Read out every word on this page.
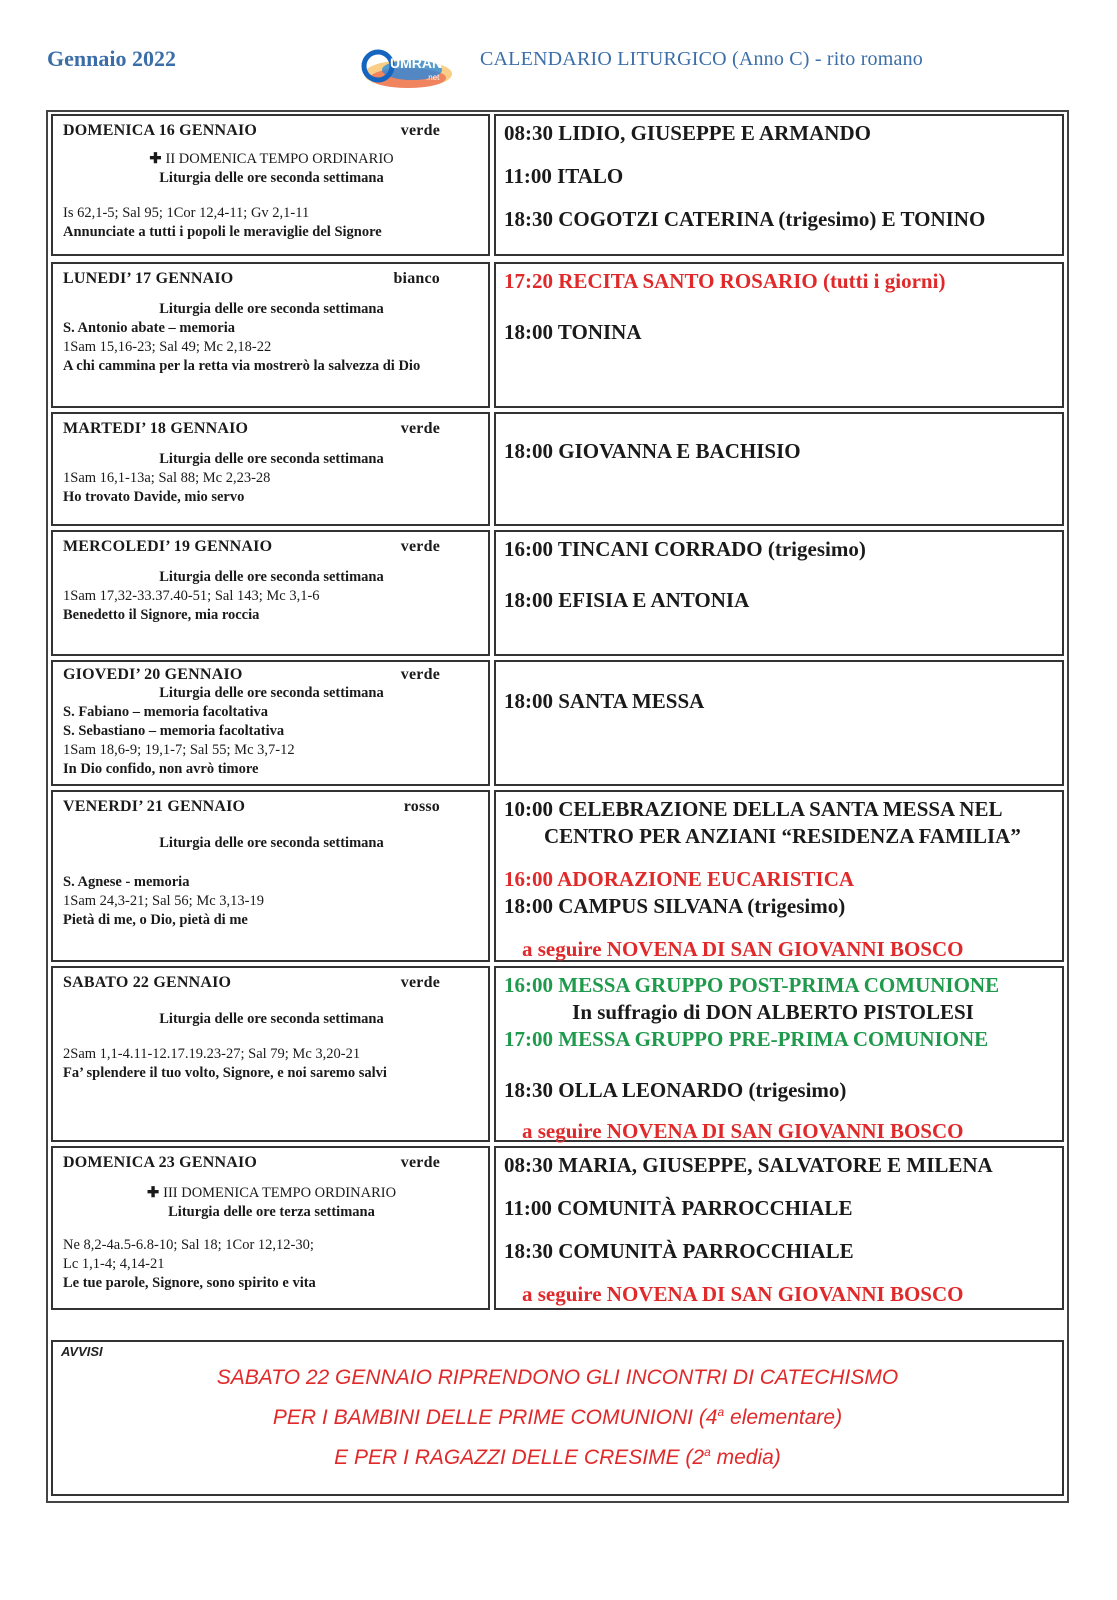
Gennaio 2022	UMRAN
.net
CALENDARIO LITURGICO (Anno C) - rito romano
DOMENICA 16 GENNAIO	verde
✚ II DOMENICA TEMPO ORDINARIO
Liturgia delle ore seconda settimana
Is 62,1-5; Sal 95; 1Cor 12,4-11; Gv 2,1-11
Annunciate a tutti i popoli le meraviglie del Signore

08:30 LIDIO, GIUSEPPE E ARMANDO

11:00 ITALO

18:30 COGOTZI CATERINA (trigesimo) E TONINO

LUNEDI’ 17 GENNAIO	bianco
Liturgia delle ore seconda settimana
S. Antonio abate – memoria
1Sam 15,16-23; Sal 49; Mc 2,18-22
A chi cammina per la retta via mostrerò la salvezza di Dio

17:20 RECITA SANTO ROSARIO (tutti i giorni)

18:00 TONINA

MARTEDI’ 18 GENNAIO	verde
Liturgia delle ore seconda settimana
1Sam 16,1-13a; Sal 88; Mc 2,23-28
Ho trovato Davide, mio servo

18:00 GIOVANNA E BACHISIO

MERCOLEDI’ 19 GENNAIO	verde
Liturgia delle ore seconda settimana
1Sam 17,32-33.37.40-51; Sal 143; Mc 3,1-6
Benedetto il Signore, mia roccia

16:00 TINCANI CORRADO (trigesimo)

18:00 EFISIA E ANTONIA

GIOVEDI’ 20 GENNAIO	verde
Liturgia delle ore seconda settimana
S. Fabiano – memoria facoltativa
S. Sebastiano – memoria facoltativa
1Sam 18,6-9; 19,1-7; Sal 55; Mc 3,7-12
In Dio confido, non avrò timore

18:00 SANTA MESSA

VENERDI’ 21 GENNAIO	rosso
Liturgia delle ore seconda settimana
S. Agnese - memoria
1Sam 24,3-21; Sal 56; Mc 3,13-19
Pietà di me, o Dio, pietà di me

10:00 CELEBRAZIONE DELLA SANTA MESSA NEL

CENTRO PER ANZIANI “RESIDENZA FAMILIA”

16:00 ADORAZIONE EUCARISTICA

18:00 CAMPUS SILVANA (trigesimo)

a seguire NOVENA DI SAN GIOVANNI BOSCO

SABATO 22 GENNAIO	verde
Liturgia delle ore seconda settimana
2Sam 1,1-4.11-12.17.19.23-27; Sal 79; Mc 3,20-21
Fa’ splendere il tuo volto, Signore, e noi saremo salvi

16:00 MESSA GRUPPO POST-PRIMA COMUNIONE

In suffragio di DON ALBERTO PISTOLESI

17:00 MESSA GRUPPO PRE-PRIMA COMUNIONE

18:30 OLLA LEONARDO (trigesimo)

a seguire NOVENA DI SAN GIOVANNI BOSCO

DOMENICA 23 GENNAIO	verde
✚ III DOMENICA TEMPO ORDINARIO
Liturgia delle ore terza settimana
Ne 8,2-4a.5-6.8-10; Sal 18; 1Cor 12,12-30;
Lc 1,1-4; 4,14-21
Le tue parole, Signore, sono spirito e vita

08:30 MARIA, GIUSEPPE, SALVATORE E MILENA

11:00 COMUNITÀ PARROCCHIALE

18:30 COMUNITÀ PARROCCHIALE

a seguire NOVENA DI SAN GIOVANNI BOSCO

AVVISI
SABATO 22 GENNAIO RIPRENDONO GLI INCONTRI DI CATECHISMO
PER I BAMBINI DELLE PRIME COMUNIONI (4$^a$ elementare)
E PER I RAGAZZI DELLE CRESIME (2$^a$ media)
